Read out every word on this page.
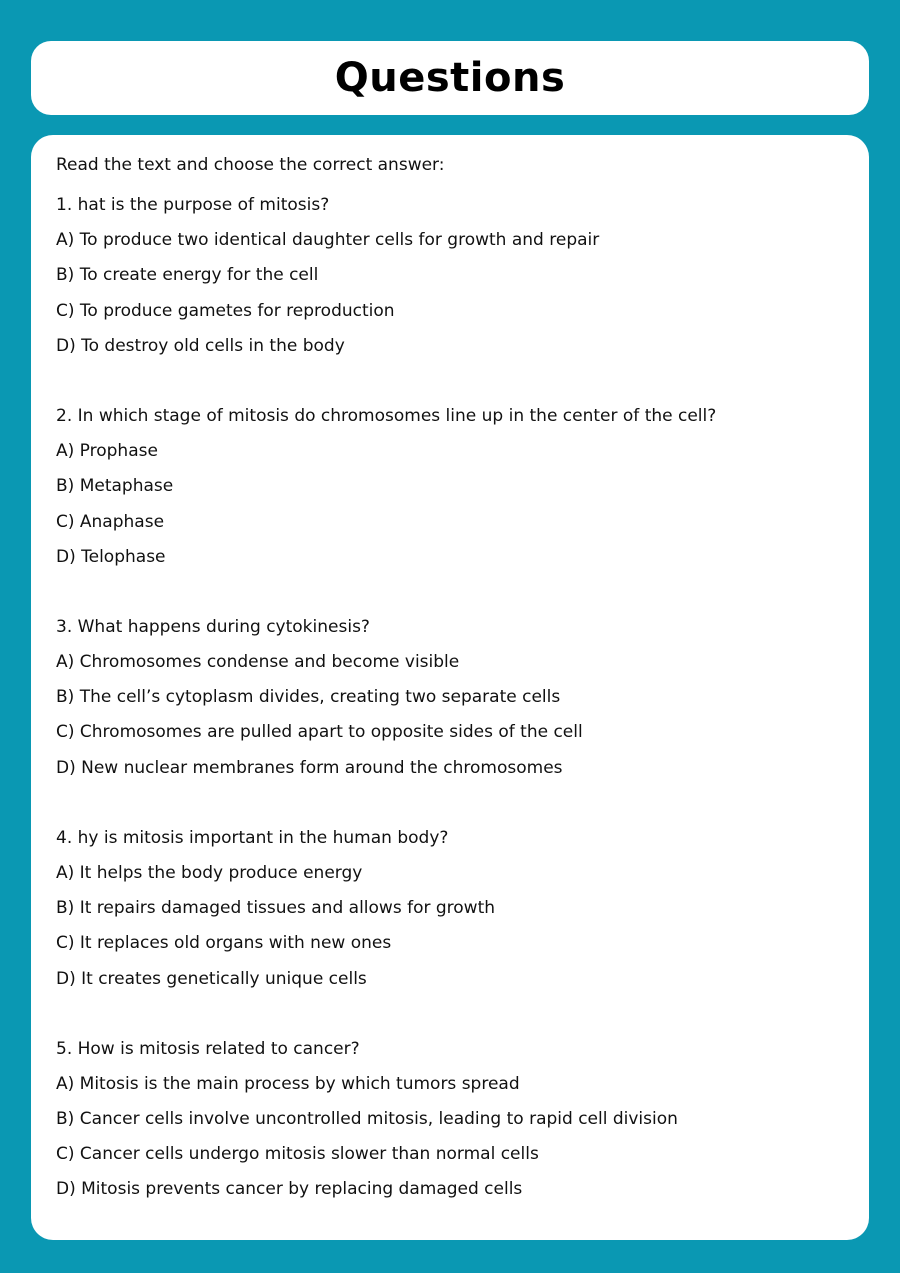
Questions
Read the text and choose the correct answer:
1. hat is the purpose of mitosis?
A) To produce two identical daughter cells for growth and repair
B) To create energy for the cell
C) To produce gametes for reproduction
D) To destroy old cells in the body
2. In which stage of mitosis do chromosomes line up in the center of the cell?
A) Prophase
B) Metaphase
C) Anaphase
D) Telophase
3. What happens during cytokinesis?
A) Chromosomes condense and become visible
B) The cell’s cytoplasm divides, creating two separate cells
C) Chromosomes are pulled apart to opposite sides of the cell
D) New nuclear membranes form around the chromosomes
4. hy is mitosis important in the human body?
A) It helps the body produce energy
B) It repairs damaged tissues and allows for growth
C) It replaces old organs with new ones
D) It creates genetically unique cells
5. How is mitosis related to cancer?
A) Mitosis is the main process by which tumors spread
B) Cancer cells involve uncontrolled mitosis, leading to rapid cell division
C) Cancer cells undergo mitosis slower than normal cells
D) Mitosis prevents cancer by replacing damaged cells
